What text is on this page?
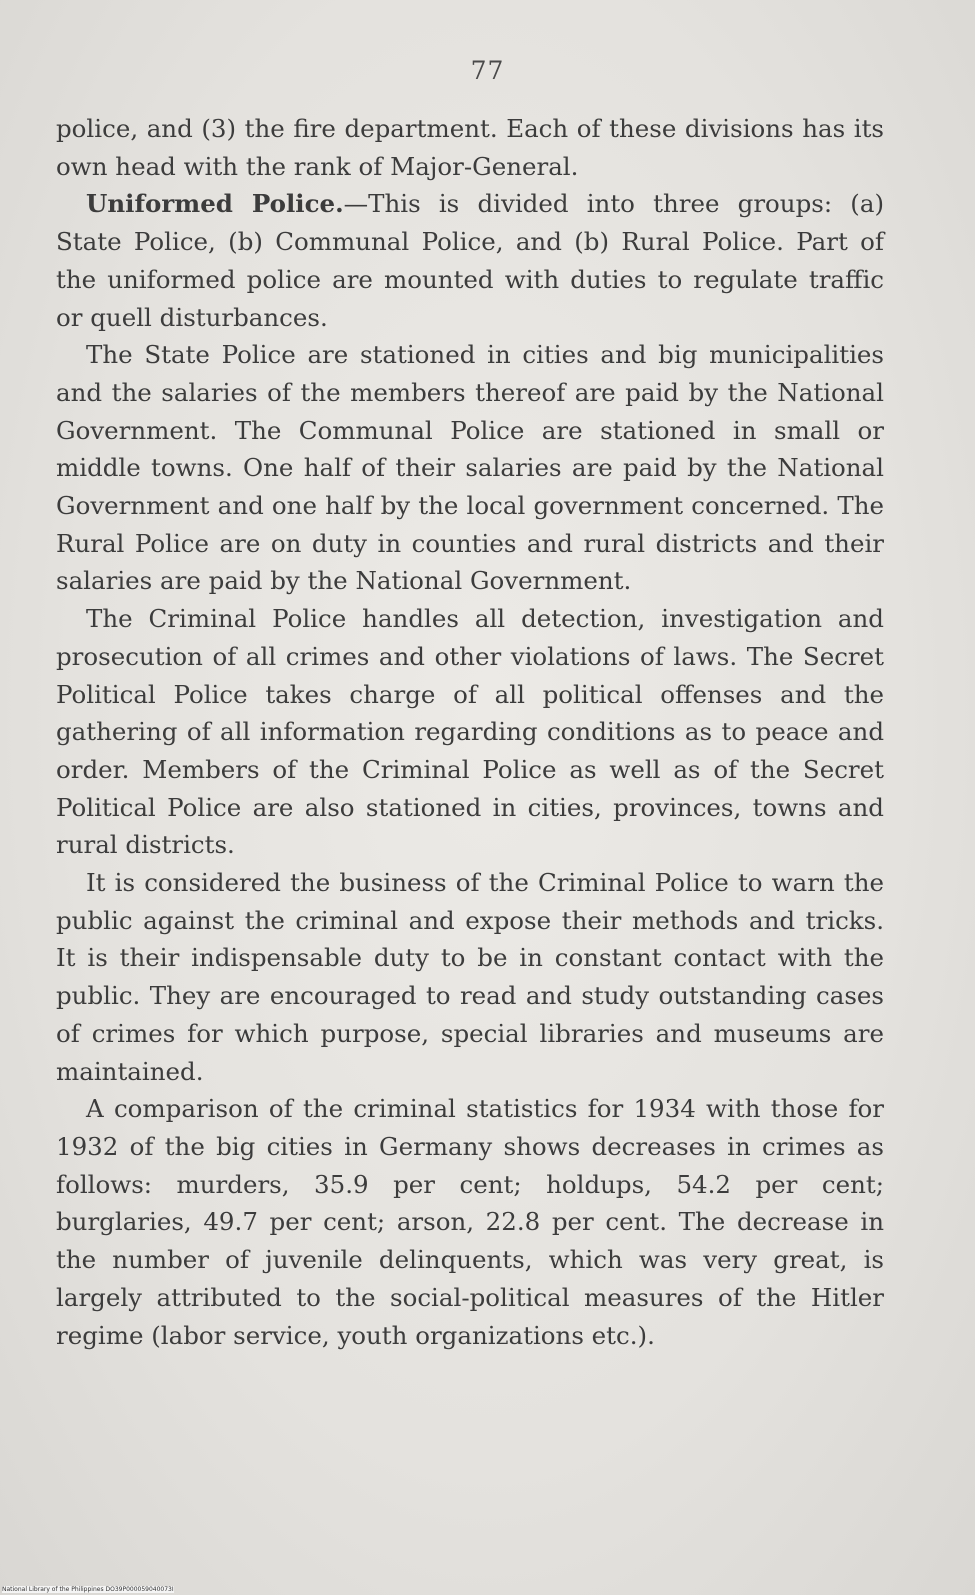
77

police, and (3) the fire department. Each of these divisions has its own head with the rank of Major-General.

Uniformed Police.—This is divided into three groups: (a) State Police, (b) Communal Police, and (b) Rural Police. Part of the uniformed police are mounted with duties to regulate traffic or quell disturbances.

The State Police are stationed in cities and big municipalities and the salaries of the members thereof are paid by the National Government. The Communal Police are stationed in small or middle towns. One half of their salaries are paid by the National Government and one half by the local government concerned. The Rural Police are on duty in counties and rural districts and their salaries are paid by the National Government.

The Criminal Police handles all detection, investigation and prosecution of all crimes and other violations of laws. The Secret Political Police takes charge of all political offenses and the gathering of all information regarding conditions as to peace and order. Members of the Criminal Police as well as of the Secret Political Police are also stationed in cities, provinces, towns and rural districts.

It is considered the business of the Criminal Police to warn the public against the criminal and expose their methods and tricks. It is their indispensable duty to be in constant contact with the public. They are encouraged to read and study outstanding cases of crimes for which purpose, special libraries and museums are maintained.

A comparison of the criminal statistics for 1934 with those for 1932 of the big cities in Germany shows decreases in crimes as follows: murders, 35.9 per cent; holdups, 54.2 per cent; burglaries, 49.7 per cent; arson, 22.8 per cent. The decrease in the number of juvenile delinquents, which was very great, is largely attributed to the social-political measures of the Hitler regime (labor service, youth organizations etc.).

National Library of the Philippines DO39P000059040073I
